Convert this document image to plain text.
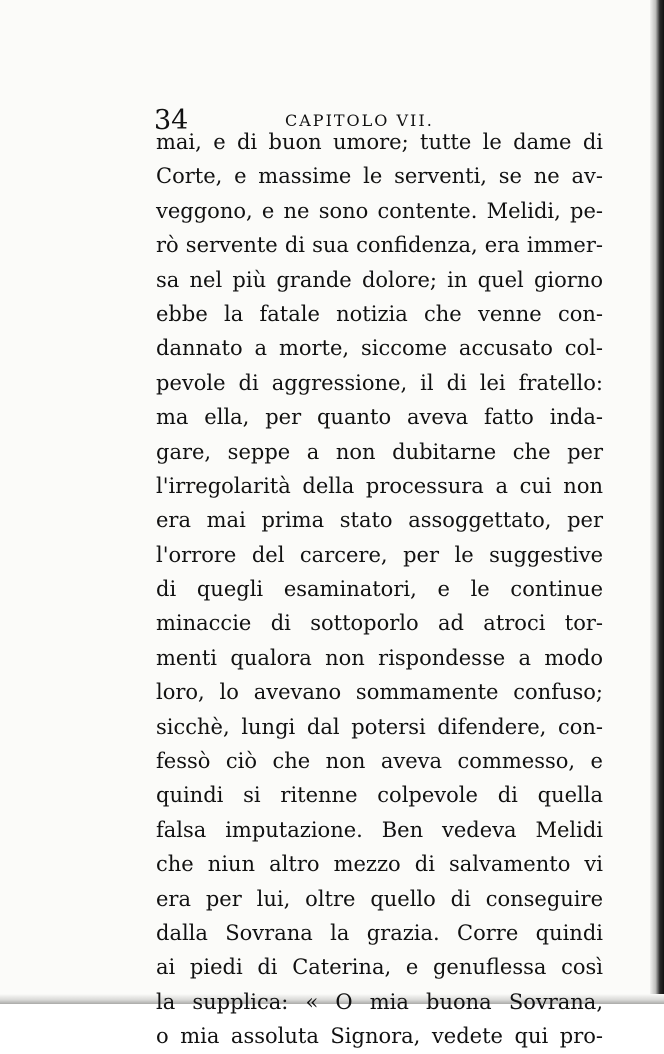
34	CAPITOLO VII.
mai, e di buon umore; tutte le dame di
Corte, e massime le serventi, se ne av-
veggono, e ne sono contente. Melidi, pe-
rò servente di sua confidenza, era immer-
sa nel più grande dolore; in quel giorno
ebbe la fatale notizia che venne con-
dannato a morte, siccome accusato col-
pevole di aggressione, il di lei fratello:
ma ella, per quanto aveva fatto inda-
gare, seppe a non dubitarne che per
l'irregolarità della processura a cui non
era mai prima stato assoggettato, per
l'orrore del carcere, per le suggestive
di quegli esaminatori, e le continue
minaccie di sottoporlo ad atroci tor-
menti qualora non rispondesse a modo
loro, lo avevano sommamente confuso;
sicchè, lungi dal potersi difendere, con-
fessò ciò che non aveva commesso, e
quindi si ritenne colpevole di quella
falsa imputazione. Ben vedeva Melidi
che niun altro mezzo di salvamento vi
era per lui, oltre quello di conseguire
dalla Sovrana la grazia. Corre quindi
ai piedi di Caterina, e genuflessa così
la supplica: « O mia buona Sovrana,
o mia assoluta Signora, vedete qui pro-
